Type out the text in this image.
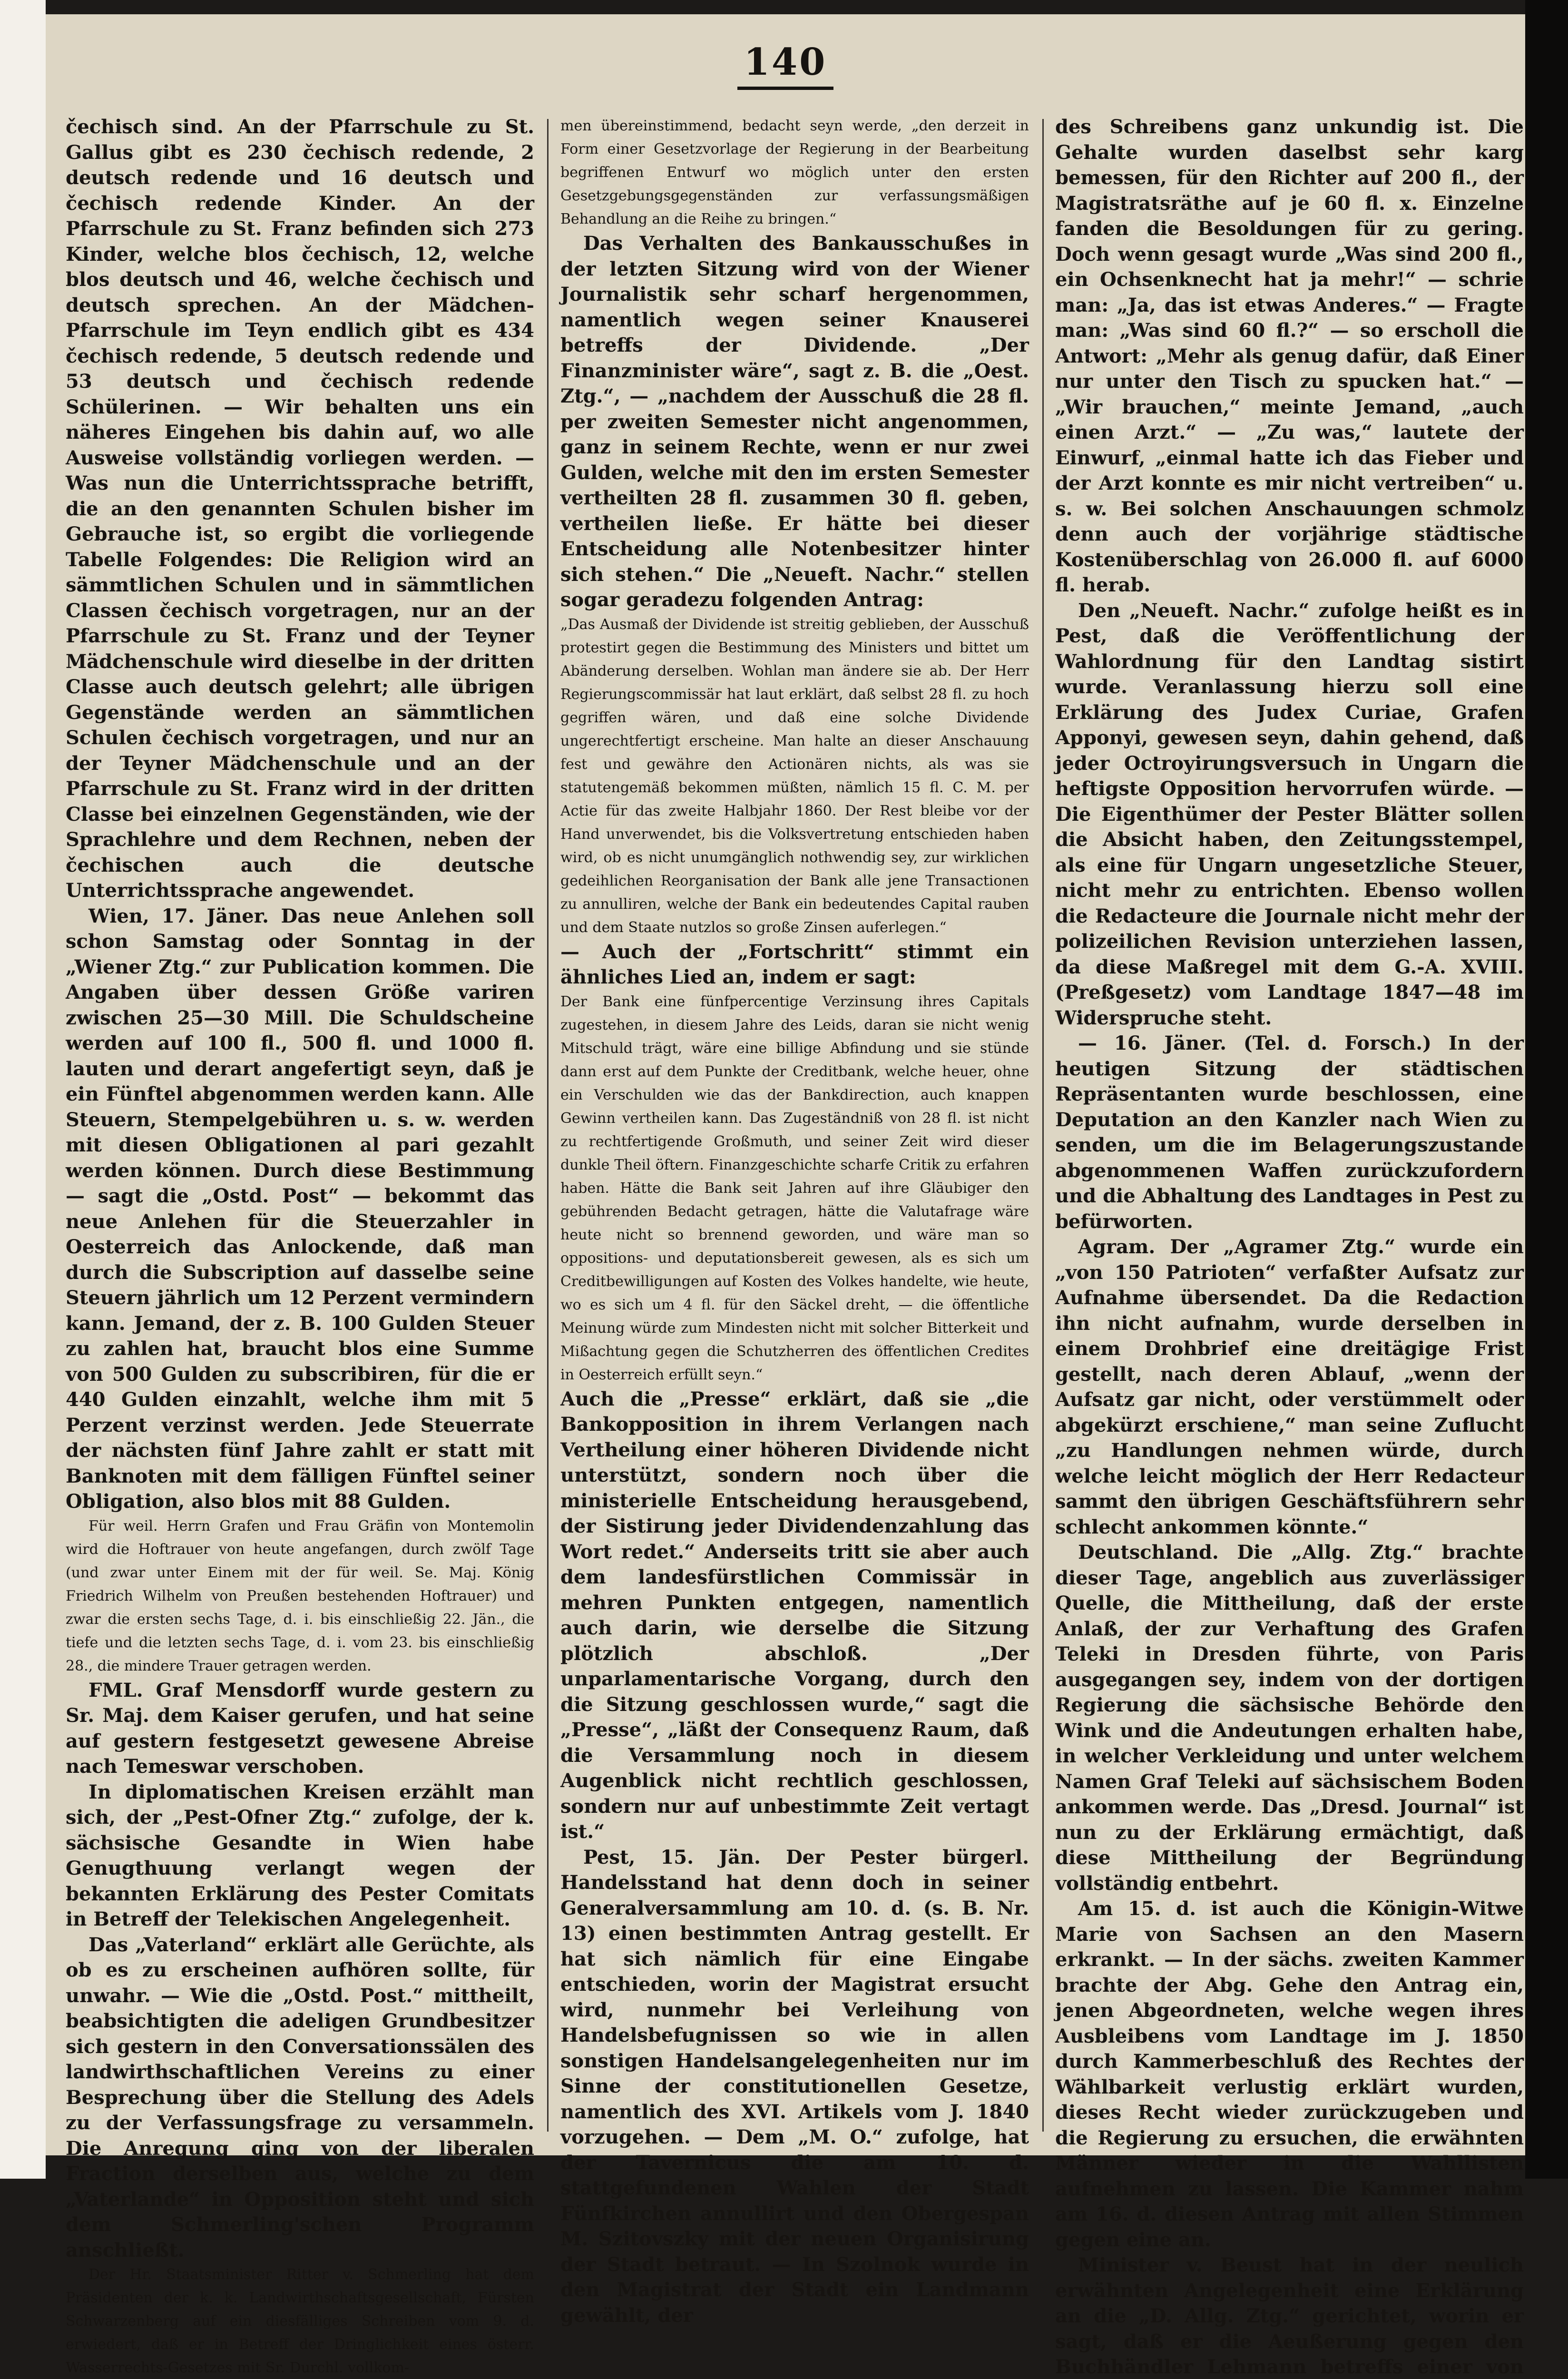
140

čechisch sind. An der Pfarrschule zu St. Gallus gibt es 230 čechisch redende, 2 deutsch redende und 16 deutsch und čechisch redende Kinder. An der Pfarrschule zu St. Franz befinden sich 273 Kinder, welche blos čechisch, 12, welche blos deutsch und 46, welche čechisch und deutsch sprechen. An der Mädchen-Pfarrschule im Teyn endlich gibt es 434 čechisch redende, 5 deutsch redende und 53 deutsch und čechisch redende Schülerinen. — Wir behalten uns ein näheres Eingehen bis dahin auf, wo alle Ausweise vollständig vorliegen werden. — Was nun die Unterrichtssprache betrifft, die an den genannten Schulen bisher im Gebrauche ist, so ergibt die vorliegende Tabelle Folgendes: Die Religion wird an sämmtlichen Schulen und in sämmtlichen Classen čechisch vorgetragen, nur an der Pfarrschule zu St. Franz und der Teyner Mädchenschule wird dieselbe in der dritten Classe auch deutsch gelehrt; alle übrigen Gegenstände werden an sämmtlichen Schulen čechisch vorgetragen, und nur an der Teyner Mädchenschule und an der Pfarrschule zu St. Franz wird in der dritten Classe bei einzelnen Gegenständen, wie der Sprachlehre und dem Rechnen, neben der čechischen auch die deutsche Unterrichtssprache angewendet.

Wien, 17. Jäner. Das neue Anlehen soll schon Samstag oder Sonntag in der „Wiener Ztg.“ zur Publication kommen. Die Angaben über dessen Größe variren zwischen 25—30 Mill. Die Schuldscheine werden auf 100 fl., 500 fl. und 1000 fl. lauten und derart angefertigt seyn, daß je ein Fünftel abgenommen werden kann. Alle Steuern, Stempelgebühren u. s. w. werden mit diesen Obligationen al pari gezahlt werden können. Durch diese Bestimmung — sagt die „Ostd. Post“ — bekommt das neue Anlehen für die Steuerzahler in Oesterreich das Anlockende, daß man durch die Subscription auf dasselbe seine Steuern jährlich um 12 Perzent vermindern kann. Jemand, der z. B. 100 Gulden Steuer zu zahlen hat, braucht blos eine Summe von 500 Gulden zu subscribiren, für die er 440 Gulden einzahlt, welche ihm mit 5 Perzent verzinst werden. Jede Steuerrate der nächsten fünf Jahre zahlt er statt mit Banknoten mit dem fälligen Fünftel seiner Obligation, also blos mit 88 Gulden.

Für weil. Herrn Grafen und Frau Gräfin von Montemolin wird die Hoftrauer von heute angefangen, durch zwölf Tage (und zwar unter Einem mit der für weil. Se. Maj. König Friedrich Wilhelm von Preußen bestehenden Hoftrauer) und zwar die ersten sechs Tage, d. i. bis einschließig 22. Jän., die tiefe und die letzten sechs Tage, d. i. vom 23. bis einschließig 28., die mindere Trauer getragen werden.

FML. Graf Mensdorff wurde gestern zu Sr. Maj. dem Kaiser gerufen, und hat seine auf gestern festgesetzt gewesene Abreise nach Temeswar verschoben.

In diplomatischen Kreisen erzählt man sich, der „Pest-Ofner Ztg.“ zufolge, der k. sächsische Gesandte in Wien habe Genugthuung verlangt wegen der bekannten Erklärung des Pester Comitats in Betreff der Telekischen Angelegenheit.

Das „Vaterland“ erklärt alle Gerüchte, als ob es zu erscheinen aufhören sollte, für unwahr. — Wie die „Ostd. Post.“ mittheilt, beabsichtigten die adeligen Grundbesitzer sich gestern in den Conversationssälen des landwirthschaftlichen Vereins zu einer Besprechung über die Stellung des Adels zu der Verfassungsfrage zu versammeln. Die Anregung ging von der liberalen Fraction derselben aus, welche zu dem „Vaterlande“ in Opposition steht und sich dem Schmerling'schen Programm anschließt.

Der Hr. Staatsminister Ritter v. Schmerling hat dem Präsidenten der k. k. Landwirthschaftsgesellschaft, Fürsten Schwarzenberg auf ein diesfälliges Schreiben vom 9. d. erwiedert, daß er in Betreff der Dringlichkeit eines österr. Wasserrechts-Gesetzes mit Sr. Durchl. vollkom-

men übereinstimmend, bedacht seyn werde, „den derzeit in Form einer Gesetzvorlage der Regierung in der Bearbeitung begriffenen Entwurf wo möglich unter den ersten Gesetzgebungsgegenständen zur verfassungsmäßigen Behandlung an die Reihe zu bringen.“

Das Verhalten des Bankausschußes in der letzten Sitzung wird von der Wiener Journalistik sehr scharf hergenommen, namentlich wegen seiner Knauserei betreffs der Dividende. „Der Finanzminister wäre“, sagt z. B. die „Oest. Ztg.“, — „nachdem der Ausschuß die 28 fl. per zweiten Semester nicht angenommen, ganz in seinem Rechte, wenn er nur zwei Gulden, welche mit den im ersten Semester vertheilten 28 fl. zusammen 30 fl. geben, vertheilen ließe. Er hätte bei dieser Entscheidung alle Notenbesitzer hinter sich stehen.“ Die „Neueft. Nachr.“ stellen sogar geradezu folgenden Antrag:

„Das Ausmaß der Dividende ist streitig geblieben, der Ausschuß protestirt gegen die Bestimmung des Ministers und bittet um Abänderung derselben. Wohlan man ändere sie ab. Der Herr Regierungscommissär hat laut erklärt, daß selbst 28 fl. zu hoch gegriffen wären, und daß eine solche Dividende ungerechtfertigt erscheine. Man halte an dieser Anschauung fest und gewähre den Actionären nichts, als was sie statutengemäß bekommen müßten, nämlich 15 fl. C. M. per Actie für das zweite Halbjahr 1860. Der Rest bleibe vor der Hand unverwendet, bis die Volksvertretung entschieden haben wird, ob es nicht unumgänglich nothwendig sey, zur wirklichen gedeihlichen Reorganisation der Bank alle jene Transactionen zu annulliren, welche der Bank ein bedeutendes Capital rauben und dem Staate nutzlos so große Zinsen auferlegen.“

— Auch der „Fortschritt“ stimmt ein ähnliches Lied an, indem er sagt:

Der Bank eine fünfpercentige Verzinsung ihres Capitals zugestehen, in diesem Jahre des Leids, daran sie nicht wenig Mitschuld trägt, wäre eine billige Abfindung und sie stünde dann erst auf dem Punkte der Creditbank, welche heuer, ohne ein Verschulden wie das der Bankdirection, auch knappen Gewinn vertheilen kann. Das Zugeständniß von 28 fl. ist nicht zu rechtfertigende Großmuth, und seiner Zeit wird dieser dunkle Theil öftern. Finanzgeschichte scharfe Critik zu erfahren haben. Hätte die Bank seit Jahren auf ihre Gläubiger den gebührenden Bedacht getragen, hätte die Valutafrage wäre heute nicht so brennend geworden, und wäre man so oppositions- und deputationsbereit gewesen, als es sich um Creditbewilligungen auf Kosten des Volkes handelte, wie heute, wo es sich um 4 fl. für den Säckel dreht, — die öffentliche Meinung würde zum Mindesten nicht mit solcher Bitterkeit und Mißachtung gegen die Schutzherren des öffentlichen Credites in Oesterreich erfüllt seyn.“

Auch die „Presse“ erklärt, daß sie „die Bankopposition in ihrem Verlangen nach Vertheilung einer höheren Dividende nicht unterstützt, sondern noch über die ministerielle Entscheidung herausgebend, der Sistirung jeder Dividendenzahlung das Wort redet.“ Anderseits tritt sie aber auch dem landesfürstlichen Commissär in mehren Punkten entgegen, namentlich auch darin, wie derselbe die Sitzung plötzlich abschloß. „Der unparlamentarische Vorgang, durch den die Sitzung geschlossen wurde,“ sagt die „Presse“, „läßt der Consequenz Raum, daß die Versammlung noch in diesem Augenblick nicht rechtlich geschlossen, sondern nur auf unbestimmte Zeit vertagt ist.“

Pest, 15. Jän. Der Pester bürgerl. Handelsstand hat denn doch in seiner Generalversammlung am 10. d. (s. B. Nr. 13) einen bestimmten Antrag gestellt. Er hat sich nämlich für eine Eingabe entschieden, worin der Magistrat ersucht wird, nunmehr bei Verleihung von Handelsbefugnissen so wie in allen sonstigen Handelsangelegenheiten nur im Sinne der constitutionellen Gesetze, namentlich des XVI. Artikels vom J. 1840 vorzugehen. — Dem „M. O.“ zufolge, hat der Tavernicus die am 10. d. stattgefundenen Wahlen der Stadt Fünfkirchen annullirt und den Obergespan M. Szitovszky mit der neuen Organisirung der Stadt betraut. — In Szolnok wurde in den Magistrat der Stadt ein Landmann gewählt, der

des Schreibens ganz unkundig ist. Die Gehalte wurden daselbst sehr karg bemessen, für den Richter auf 200 fl., der Magistratsräthe auf je 60 fl. x. Einzelne fanden die Besoldungen für zu gering. Doch wenn gesagt wurde „Was sind 200 fl., ein Ochsenknecht hat ja mehr!“ — schrie man: „Ja, das ist etwas Anderes.“ — Fragte man: „Was sind 60 fl.?“ — so erscholl die Antwort: „Mehr als genug dafür, daß Einer nur unter den Tisch zu spucken hat.“ — „Wir brauchen,“ meinte Jemand, „auch einen Arzt.“ — „Zu was,“ lautete der Einwurf, „einmal hatte ich das Fieber und der Arzt konnte es mir nicht vertreiben“ u. s. w. Bei solchen Anschauungen schmolz denn auch der vorjährige städtische Kostenüberschlag von 26.000 fl. auf 6000 fl. herab.

Den „Neueft. Nachr.“ zufolge heißt es in Pest, daß die Veröffentlichung der Wahlordnung für den Landtag sistirt wurde. Veranlassung hierzu soll eine Erklärung des Judex Curiae, Grafen Apponyi, gewesen seyn, dahin gehend, daß jeder Octroyirungsversuch in Ungarn die heftigste Opposition hervorrufen würde. — Die Eigenthümer der Pester Blätter sollen die Absicht haben, den Zeitungsstempel, als eine für Ungarn ungesetzliche Steuer, nicht mehr zu entrichten. Ebenso wollen die Redacteure die Journale nicht mehr der polizeilichen Revision unterziehen lassen, da diese Maßregel mit dem G.-A. XVIII. (Preßgesetz) vom Landtage 1847—48 im Widerspruche steht.

— 16. Jäner. (Tel. d. Forsch.) In der heutigen Sitzung der städtischen Repräsentanten wurde beschlossen, eine Deputation an den Kanzler nach Wien zu senden, um die im Belagerungszustande abgenommenen Waffen zurückzufordern und die Abhaltung des Landtages in Pest zu befürworten.

Agram. Der „Agramer Ztg.“ wurde ein „von 150 Patrioten“ verfaßter Aufsatz zur Aufnahme übersendet. Da die Redaction ihn nicht aufnahm, wurde derselben in einem Drohbrief eine dreitägige Frist gestellt, nach deren Ablauf, „wenn der Aufsatz gar nicht, oder verstümmelt oder abgekürzt erschiene,“ man seine Zuflucht „zu Handlungen nehmen würde, durch welche leicht möglich der Herr Redacteur sammt den übrigen Geschäftsführern sehr schlecht ankommen könnte.“

Deutschland. Die „Allg. Ztg.“ brachte dieser Tage, angeblich aus zuverlässiger Quelle, die Mittheilung, daß der erste Anlaß, der zur Verhaftung des Grafen Teleki in Dresden führte, von Paris ausgegangen sey, indem von der dortigen Regierung die sächsische Behörde den Wink und die Andeutungen erhalten habe, in welcher Verkleidung und unter welchem Namen Graf Teleki auf sächsischem Boden ankommen werde. Das „Dresd. Journal“ ist nun zu der Erklärung ermächtigt, daß diese Mittheilung der Begründung vollständig entbehrt.

Am 15. d. ist auch die Königin-Witwe Marie von Sachsen an den Masern erkrankt. — In der sächs. zweiten Kammer brachte der Abg. Gehe den Antrag ein, jenen Abgeordneten, welche wegen ihres Ausbleibens vom Landtage im J. 1850 durch Kammerbeschluß des Rechtes der Wählbarkeit verlustig erklärt wurden, dieses Recht wieder zurückzugeben und die Regierung zu ersuchen, die erwähnten Männer wieder in die Wahllisten aufnehmen zu lassen. Die Kammer nahm am 16. d. diesen Antrag mit allen Stimmen gegen eine an.

Minister v. Beust hat in der neulich erwähnten Angelegenheit eine Erklärung an die „D. Allg. Ztg.“ gerichtet, worin er sagt, daß er die Aeußerung gegen den Buchhändler Lehmann betreffs einer von
